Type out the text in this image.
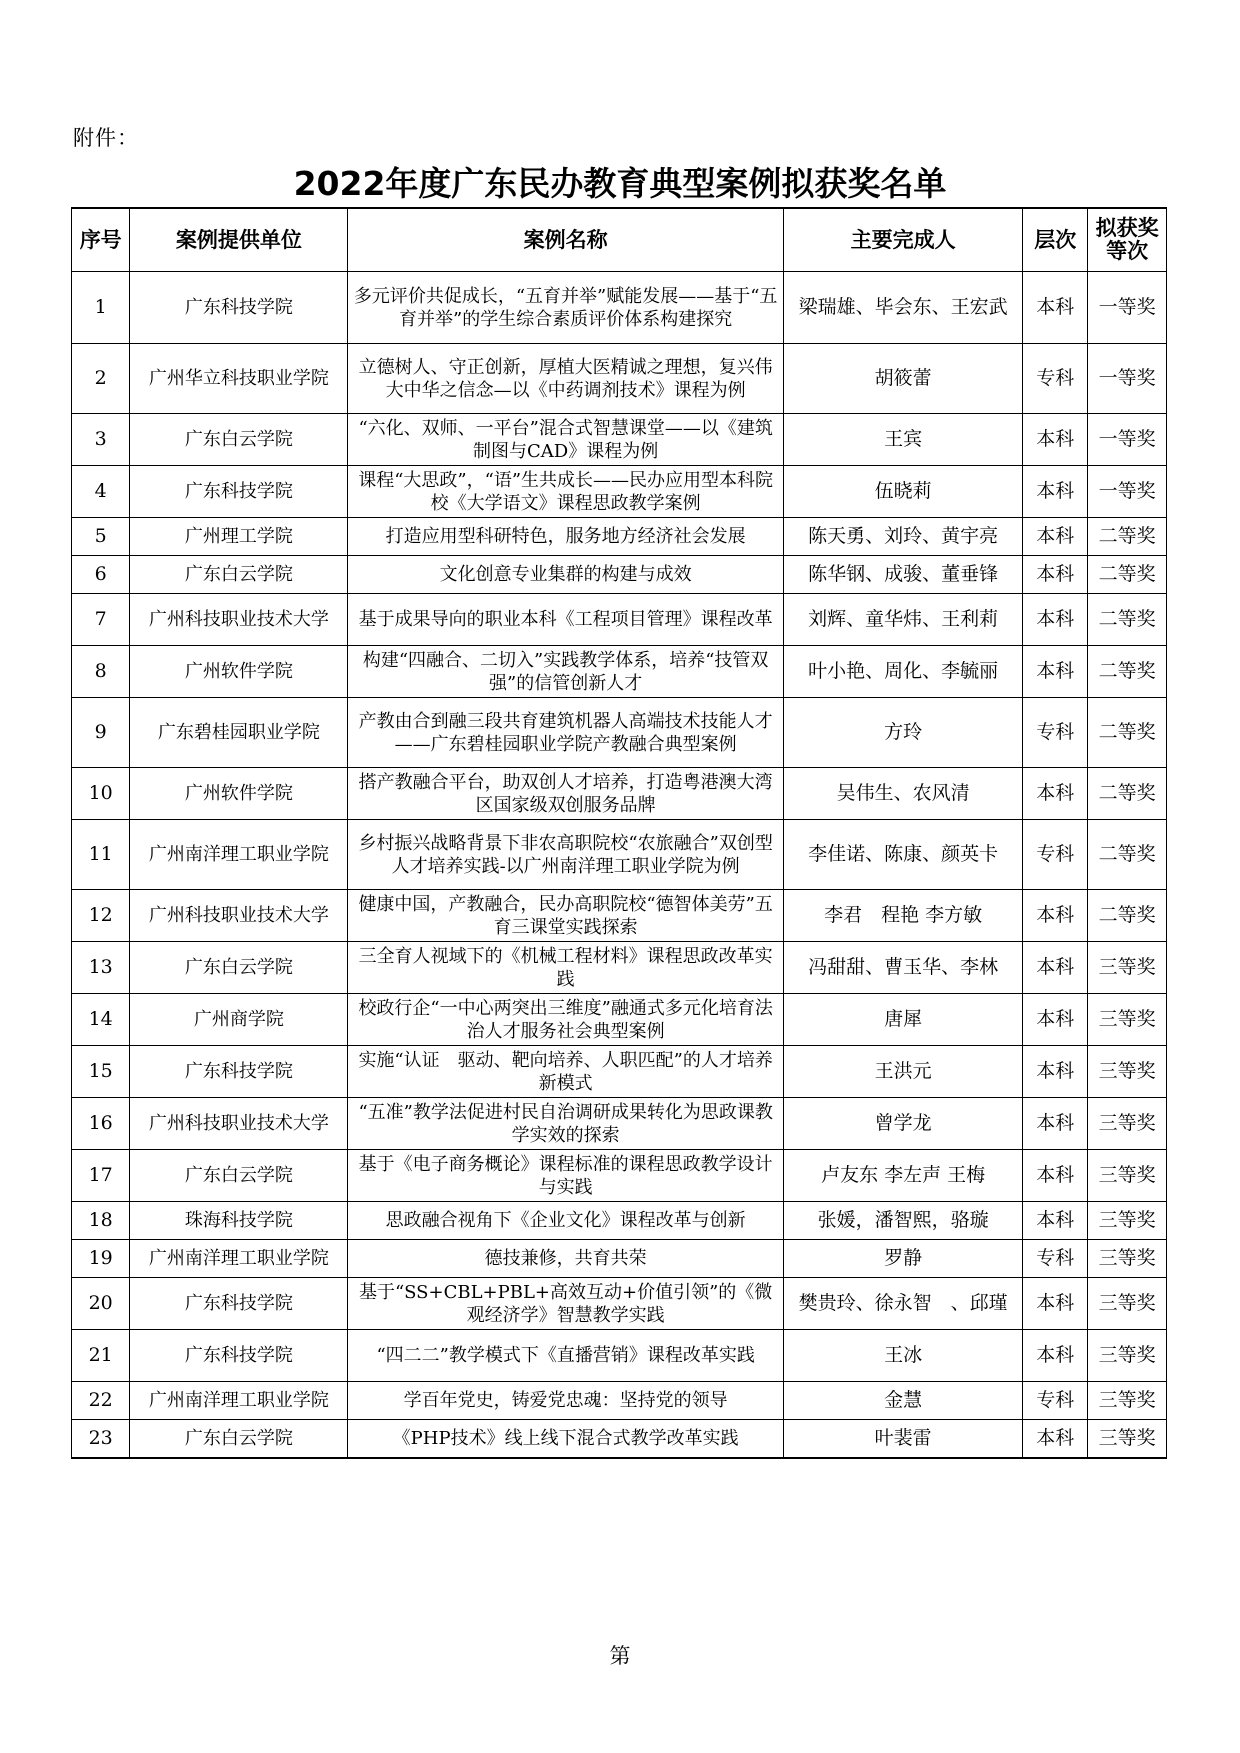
附件：
2022年度广东民办教育典型案例拟获奖名单
序号	案例提供单位	案例名称	主要完成人	层次	拟获奖等次
1	广东科技学院	多元评价共促成长，“五育并举”赋能发展——基于“五育并举”的学生综合素质评价体系构建探究	梁瑞雄、毕会东、王宏武	本科	一等奖
2	广州华立科技职业学院	立德树人、守正创新，厚植大医精诚之理想，复兴伟大中华之信念—以《中药调剂技术》课程为例	胡筱蕾	专科	一等奖
3	广东白云学院	“六化、双师、一平台”混合式智慧课堂——以《建筑制图与CAD》课程为例	王宾	本科	一等奖
4	广东科技学院	课程“大思政”，“语”生共成长——民办应用型本科院校《大学语文》课程思政教学案例	伍晓莉	本科	一等奖
5	广州理工学院	打造应用型科研特色，服务地方经济社会发展	陈天勇、刘玲、黄宇亮	本科	二等奖
6	广东白云学院	文化创意专业集群的构建与成效	陈华钢、成骏、董垂锋	本科	二等奖
7	广州科技职业技术大学	基于成果导向的职业本科《工程项目管理》课程改革	刘辉、童华炜、王利莉	本科	二等奖
8	广州软件学院	构建“四融合、二切入”实践教学体系，培养“技管双强”的信管创新人才	叶小艳、周化、李毓丽	本科	二等奖
9	广东碧桂园职业学院	产教由合到融三段共育建筑机器人高端技术技能人才——广东碧桂园职业学院产教融合典型案例	方玲	专科	二等奖
10	广州软件学院	搭产教融合平台，助双创人才培养，打造粤港澳大湾区国家级双创服务品牌	吴伟生、农风清	本科	二等奖
11	广州南洋理工职业学院	乡村振兴战略背景下非农高职院校“农旅融合”双创型人才培养实践-以广州南洋理工职业学院为例	李佳诺、陈康、颜英卡	专科	二等奖
12	广州科技职业技术大学	健康中国，产教融合，民办高职院校“德智体美劳”五育三课堂实践探索	李君　程艳 李方敏	本科	二等奖
13	广东白云学院	三全育人视域下的《机械工程材料》课程思政改革实践	冯甜甜、曹玉华、李林	本科	三等奖
14	广州商学院	校政行企“一中心两突出三维度”融通式多元化培育法治人才服务社会典型案例	唐犀	本科	三等奖
15	广东科技学院	实施“认证　驱动、靶向培养、人职匹配”的人才培养新模式	王洪元	本科	三等奖
16	广州科技职业技术大学	“五准”教学法促进村民自治调研成果转化为思政课教学实效的探索	曾学龙	本科	三等奖
17	广东白云学院	基于《电子商务概论》课程标准的课程思政教学设计与实践	卢友东 李左声 王梅	本科	三等奖
18	珠海科技学院	思政融合视角下《企业文化》课程改革与创新	张媛，潘智熙，骆璇	本科	三等奖
19	广州南洋理工职业学院	德技兼修，共育共荣	罗静	专科	三等奖
20	广东科技学院	基于“SS+CBL+PBL+高效互动+价值引领”的《微观经济学》智慧教学实践	樊贵玲、徐永智　、邱瑾	本科	三等奖
21	广东科技学院	“四二二”教学模式下《直播营销》课程改革实践	王冰	本科	三等奖
22	广州南洋理工职业学院	学百年党史，铸爱党忠魂：坚持党的领导	金慧	专科	三等奖
23	广东白云学院	《PHP技术》线上线下混合式教学改革实践	叶裴雷	本科	三等奖
第
